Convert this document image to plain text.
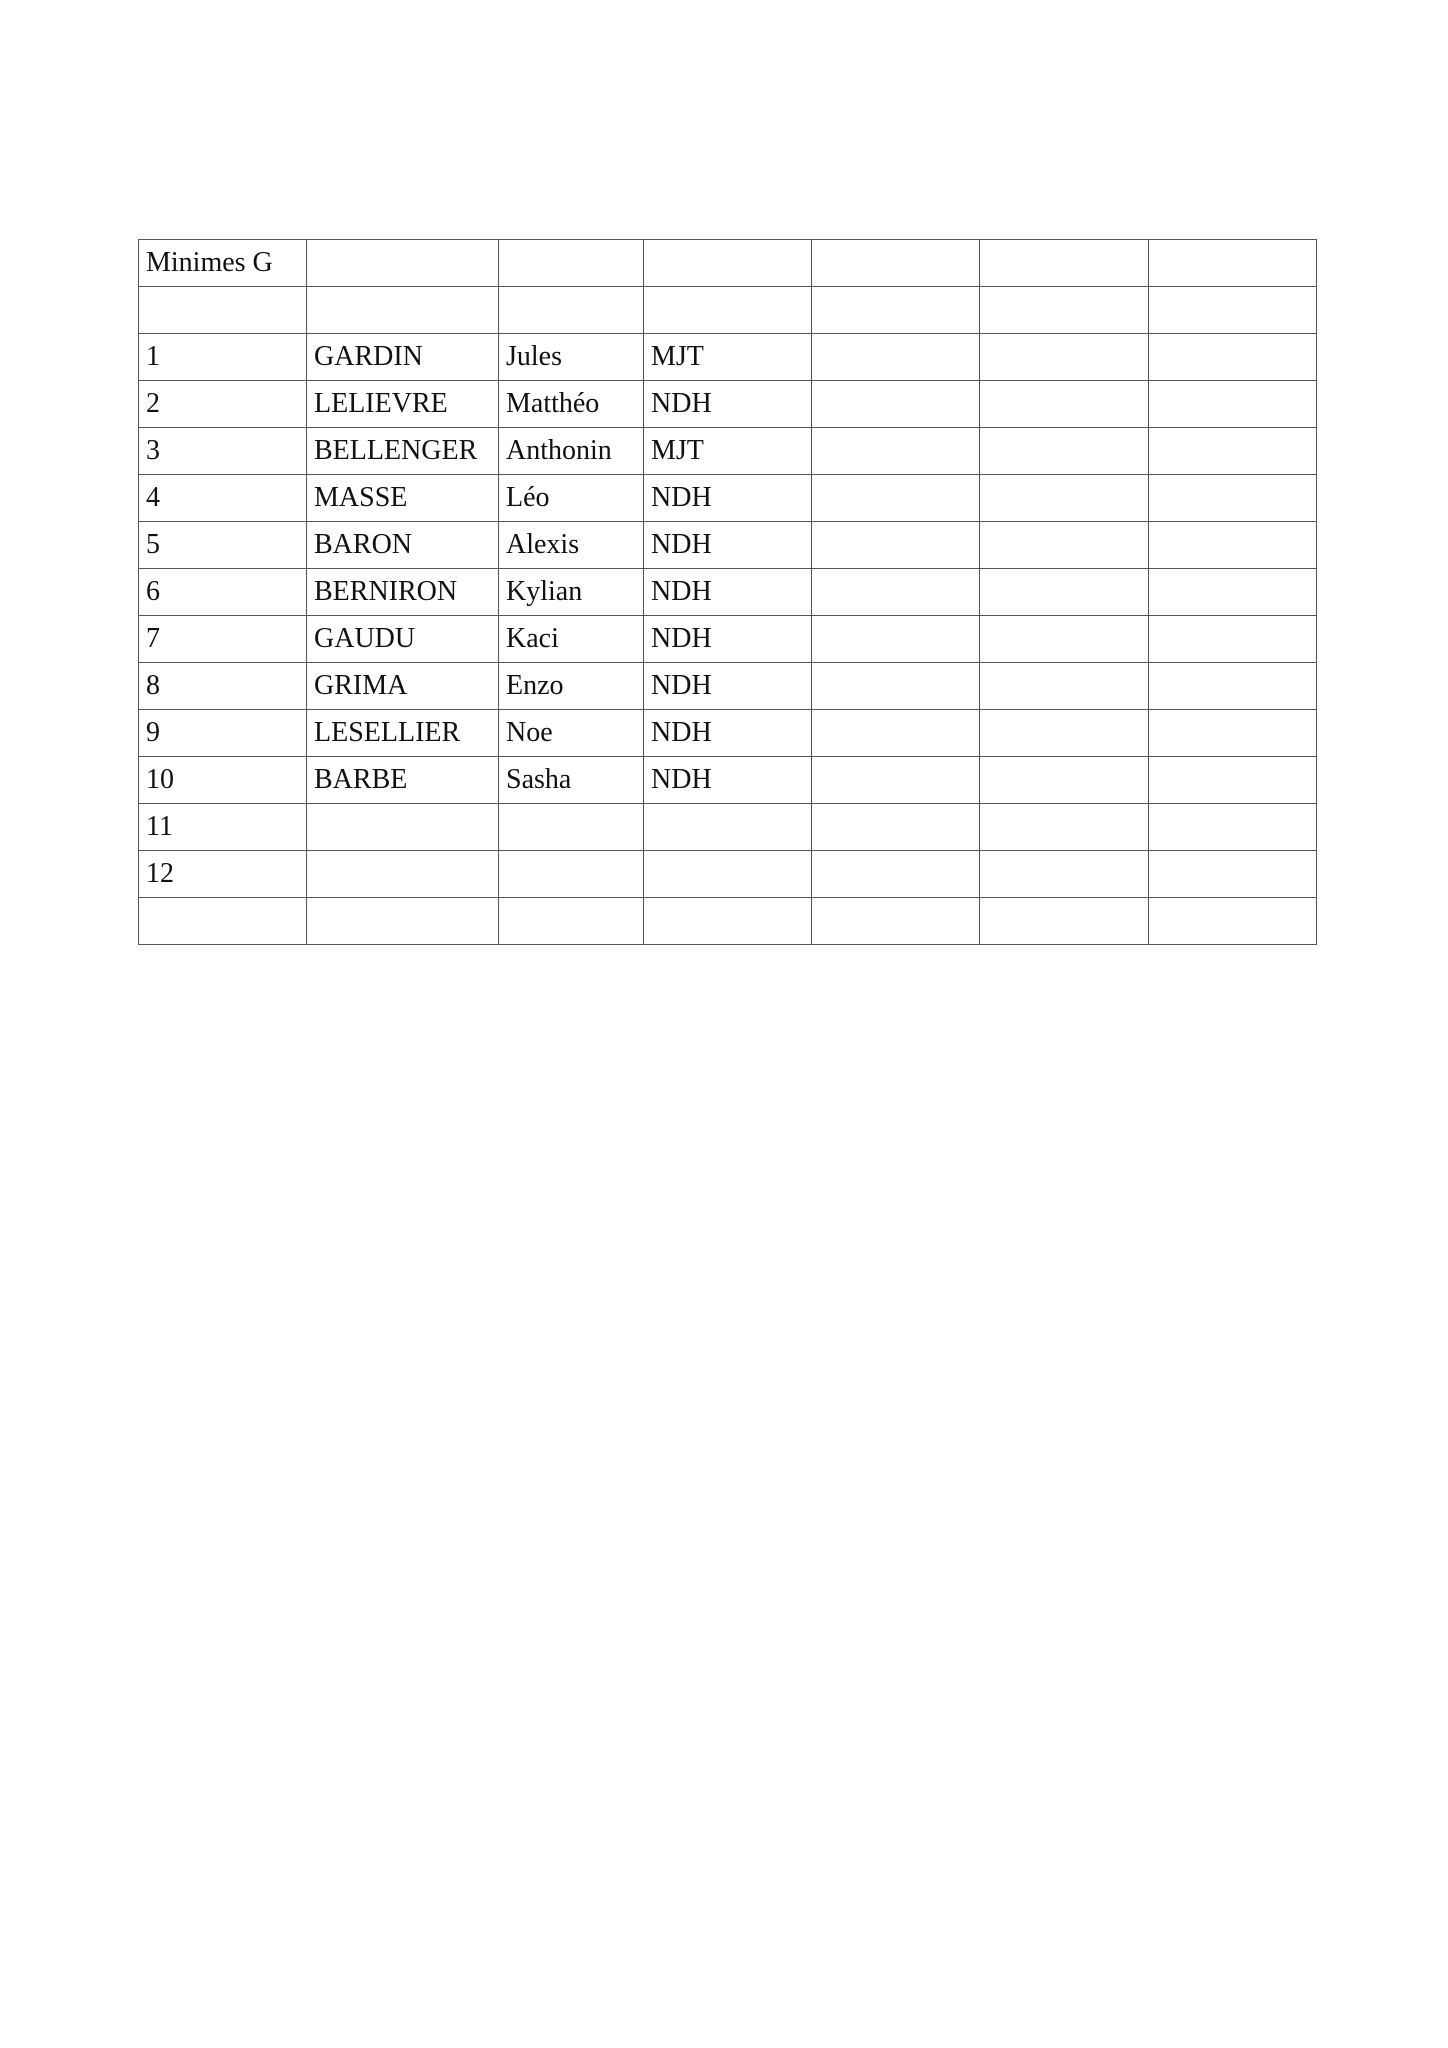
Minimes G						

1	GARDIN	Jules	MJT			
2	LELIEVRE	Matthéo	NDH			
3	BELLENGER	Anthonin	MJT			
4	MASSE	Léo	NDH			
5	BARON	Alexis	NDH			
6	BERNIRON	Kylian	NDH			
7	GAUDU	Kaci	NDH			
8	GRIMA	Enzo	NDH			
9	LESELLIER	Noe	NDH			
10	BARBE	Sasha	NDH			
11						
12						
